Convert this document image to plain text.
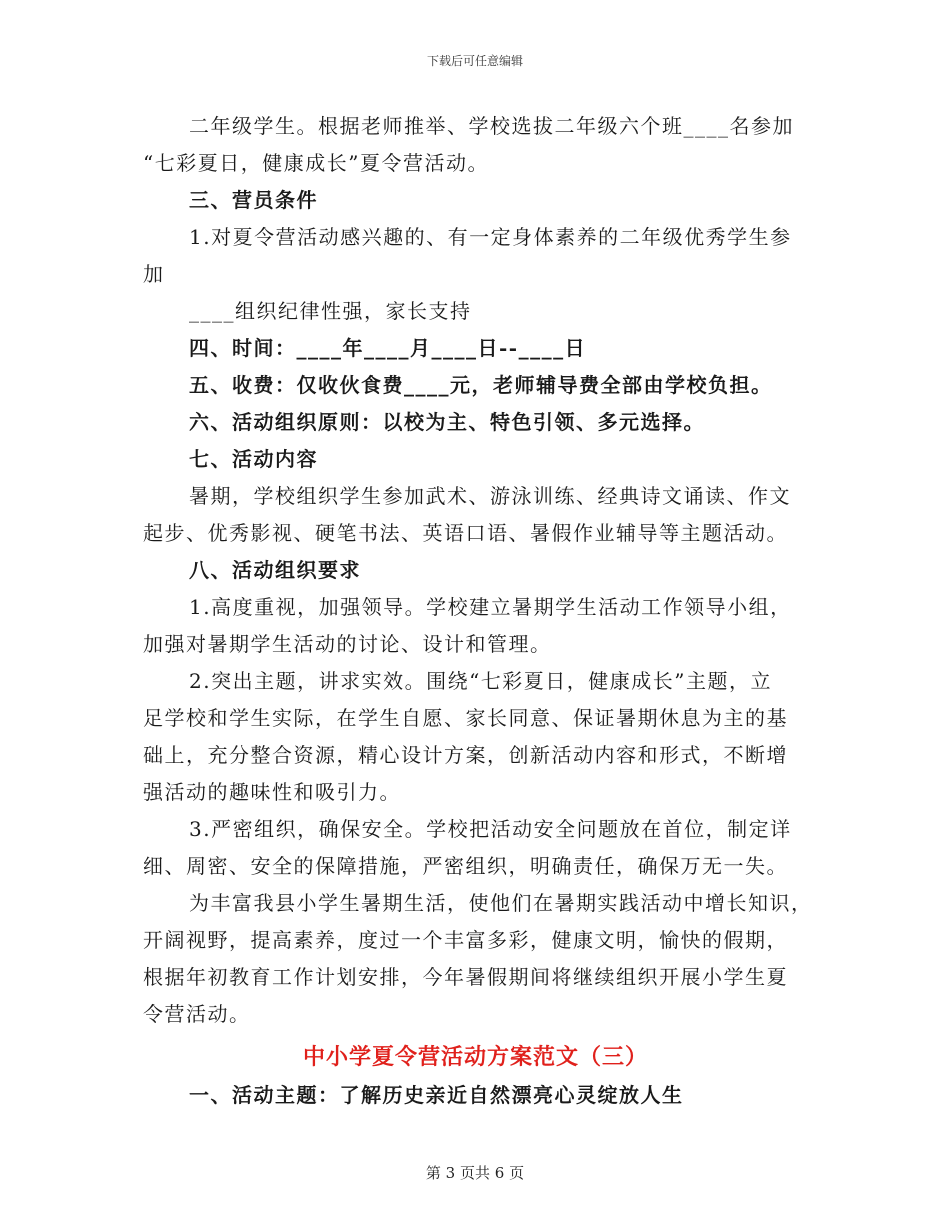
下载后可任意编辑

二年级学生。根据老师推举、学校选拔二年级六个班____名参加
“七彩夏日，健康成长”夏令营活动。

三、营员条件

1.对夏令营活动感兴趣的、有一定身体素养的二年级优秀学生参
加

____组织纪律性强，家长支持

四、时间：____年____月____日--____日

五、收费：仅收伙食费____元，老师辅导费全部由学校负担。

六、活动组织原则：以校为主、特色引领、多元选择。

七、活动内容

暑期，学校组织学生参加武术、游泳训练、经典诗文诵读、作文
起步、优秀影视、硬笔书法、英语口语、暑假作业辅导等主题活动。

八、活动组织要求

1.高度重视，加强领导。学校建立暑期学生活动工作领导小组，
加强对暑期学生活动的讨论、设计和管理。

2.突出主题，讲求实效。围绕“七彩夏日，健康成长”主题，立
足学校和学生实际，在学生自愿、家长同意、保证暑期休息为主的基
础上，充分整合资源，精心设计方案，创新活动内容和形式，不断增
强活动的趣味性和吸引力。

3.严密组织，确保安全。学校把活动安全问题放在首位，制定详
细、周密、安全的保障措施，严密组织，明确责任，确保万无一失。

为丰富我县小学生暑期生活，使他们在暑期实践活动中增长知识，
开阔视野，提高素养，度过一个丰富多彩，健康文明，愉快的假期，
根据年初教育工作计划安排，今年暑假期间将继续组织开展小学生夏
令营活动。

中小学夏令营活动方案范文（三）

一、活动主题：了解历史亲近自然漂亮心灵绽放人生

第 3 页共 6 页
